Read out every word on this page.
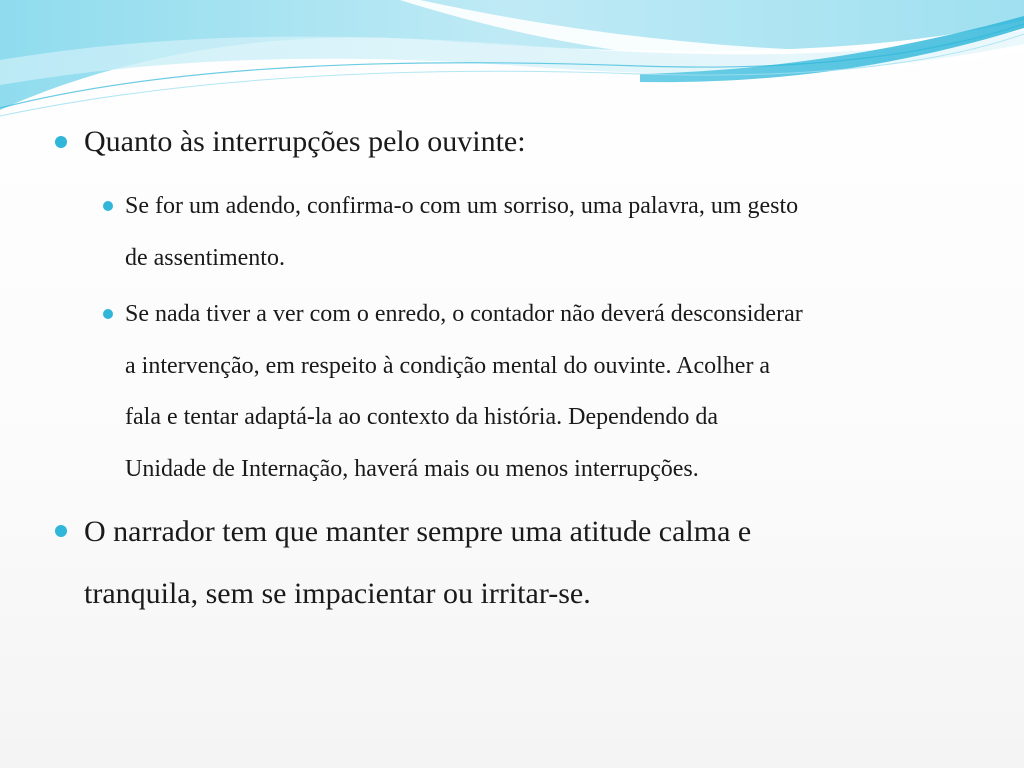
Quanto às interrupções pelo ouvinte:
Se for um adendo, confirma-o com um sorriso, uma palavra, um gesto
de assentimento.
Se nada tiver a ver com o enredo, o contador não deverá desconsiderar
a intervenção, em respeito à condição mental do ouvinte. Acolher a
fala e tentar adaptá-la ao contexto da história. Dependendo da
Unidade de Internação, haverá mais ou menos interrupções.
O narrador tem que manter sempre uma atitude calma e
tranquila, sem se impacientar ou irritar-se.
